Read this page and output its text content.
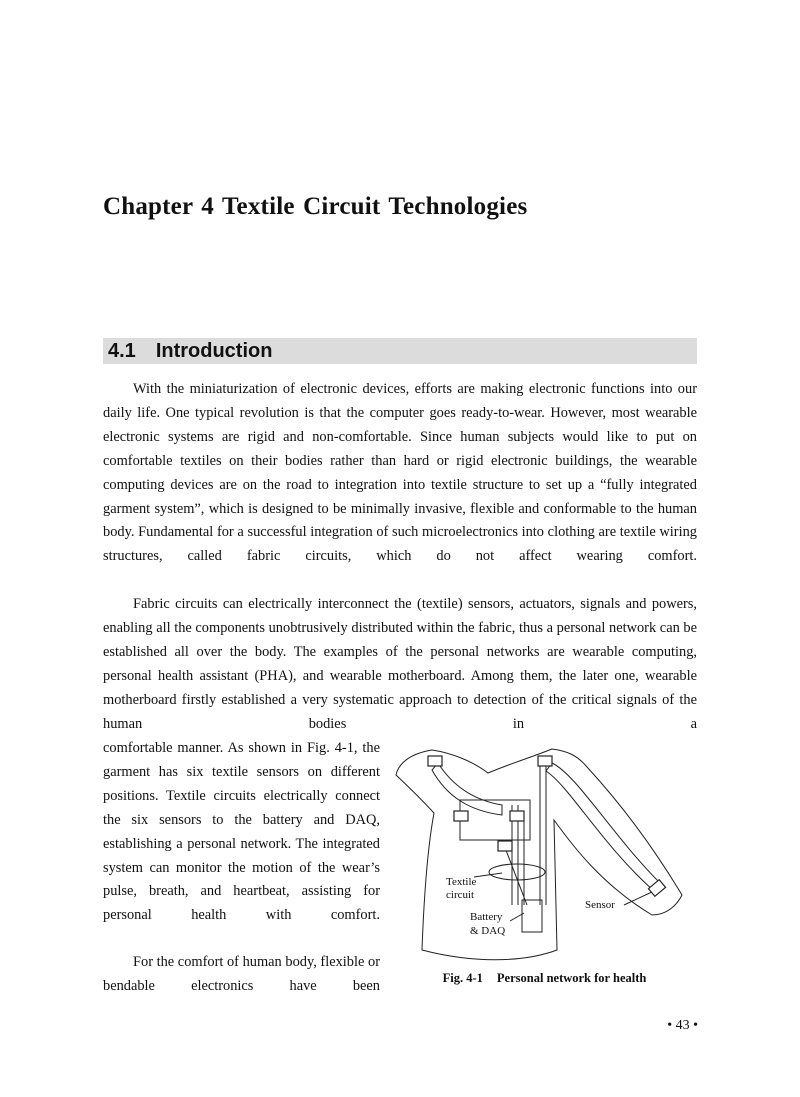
Chapter 4 Textile Circuit Technologies
4.1 Introduction

With the miniaturization of electronic devices, efforts are making electronic functions into our daily life. One typical revolution is that the computer goes ready-to-wear. However, most wearable electronic systems are rigid and non-comfortable. Since human subjects would like to put on comfortable textiles on their bodies rather than hard or rigid electronic buildings, the wearable computing devices are on the road to integration into textile structure to set up a “fully integrated garment system”, which is designed to be minimally invasive, flexible and conformable to the human body. Fundamental for a successful integration of such microelectronics into clothing are textile wiring structures, called fabric circuits, which do not affect wearing comfort.

Fabric circuits can electrically interconnect the (textile) sensors, actuators, signals and powers, enabling all the components unobtrusively distributed within the fabric, thus a personal network can be established all over the body. The examples of the personal networks are wearable computing, personal health assistant (PHA), and wearable motherboard. Among them, the later one, wearable motherboard firstly established a very systematic approach to detection of the critical signals of the human bodies in a

comfortable manner. As shown in Fig. 4-1, the garment has six textile sensors on different positions. Textile circuits electrically connect the six sensors to the battery and DAQ, establishing a personal network. The integrated system can monitor the motion of the wear’s pulse, breath, and heartbeat, assisting for personal health with comfort.

For the comfort of human body, flexible or bendable electronics have been

Textile
circuit
Battery
& DAQ
Sensor
Fig. 4-1 Personal network for health
• 43 •
